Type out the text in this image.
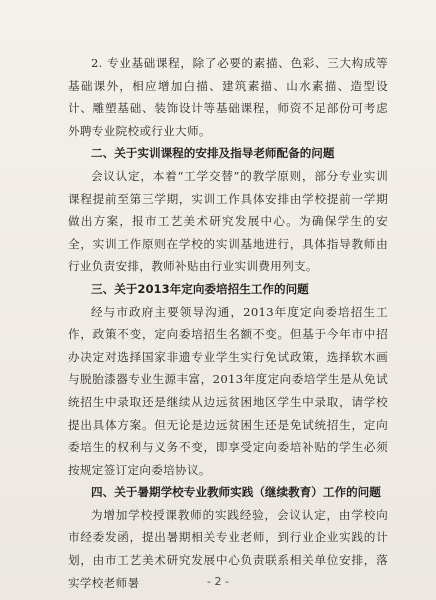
2. 专业基础课程，除了必要的素描、色彩、三大构成等基础课外，相应增加白描、建筑素描、山水素描、造型设计、雕塑基础、装饰设计等基础课程，师资不足部份可考虑外聘专业院校或行业大师。

二、关于实训课程的安排及指导老师配备的问题

会议认定，本着“工学交替”的教学原则，部分专业实训课程提前至第三学期，实训工作具体安排由学校提前一学期做出方案，报市工艺美术研究发展中心。为确保学生的安全，实训工作原则在学校的实训基地进行，具体指导教师由行业负责安排，教师补贴由行业实训费用列支。

三、关于2013年定向委培招生工作的问题

经与市政府主要领导沟通，2013年度定向委培招生工作，政策不变，定向委培招生名额不变。但基于今年市中招办决定对选择国家非遗专业学生实行免试政策，选择软木画与脱胎漆器专业生源丰富，2013年度定向委培学生是从免试统招生中录取还是继续从边远贫困地区学生中录取，请学校提出具体方案。但无论是边远贫困生还是免试统招生，定向委培生的权利与义务不变，即享受定向委培补贴的学生必须按规定签订定向委培协议。

四、关于暑期学校专业教师实践（继续教育）工作的问题

为增加学校授课教师的实践经验，会议认定，由学校向市经委发函，提出暑期相关专业老师，到行业企业实践的计划，由市工艺美术研究发展中心负责联系相关单位安排，落实学校老师暑	- 2 -
